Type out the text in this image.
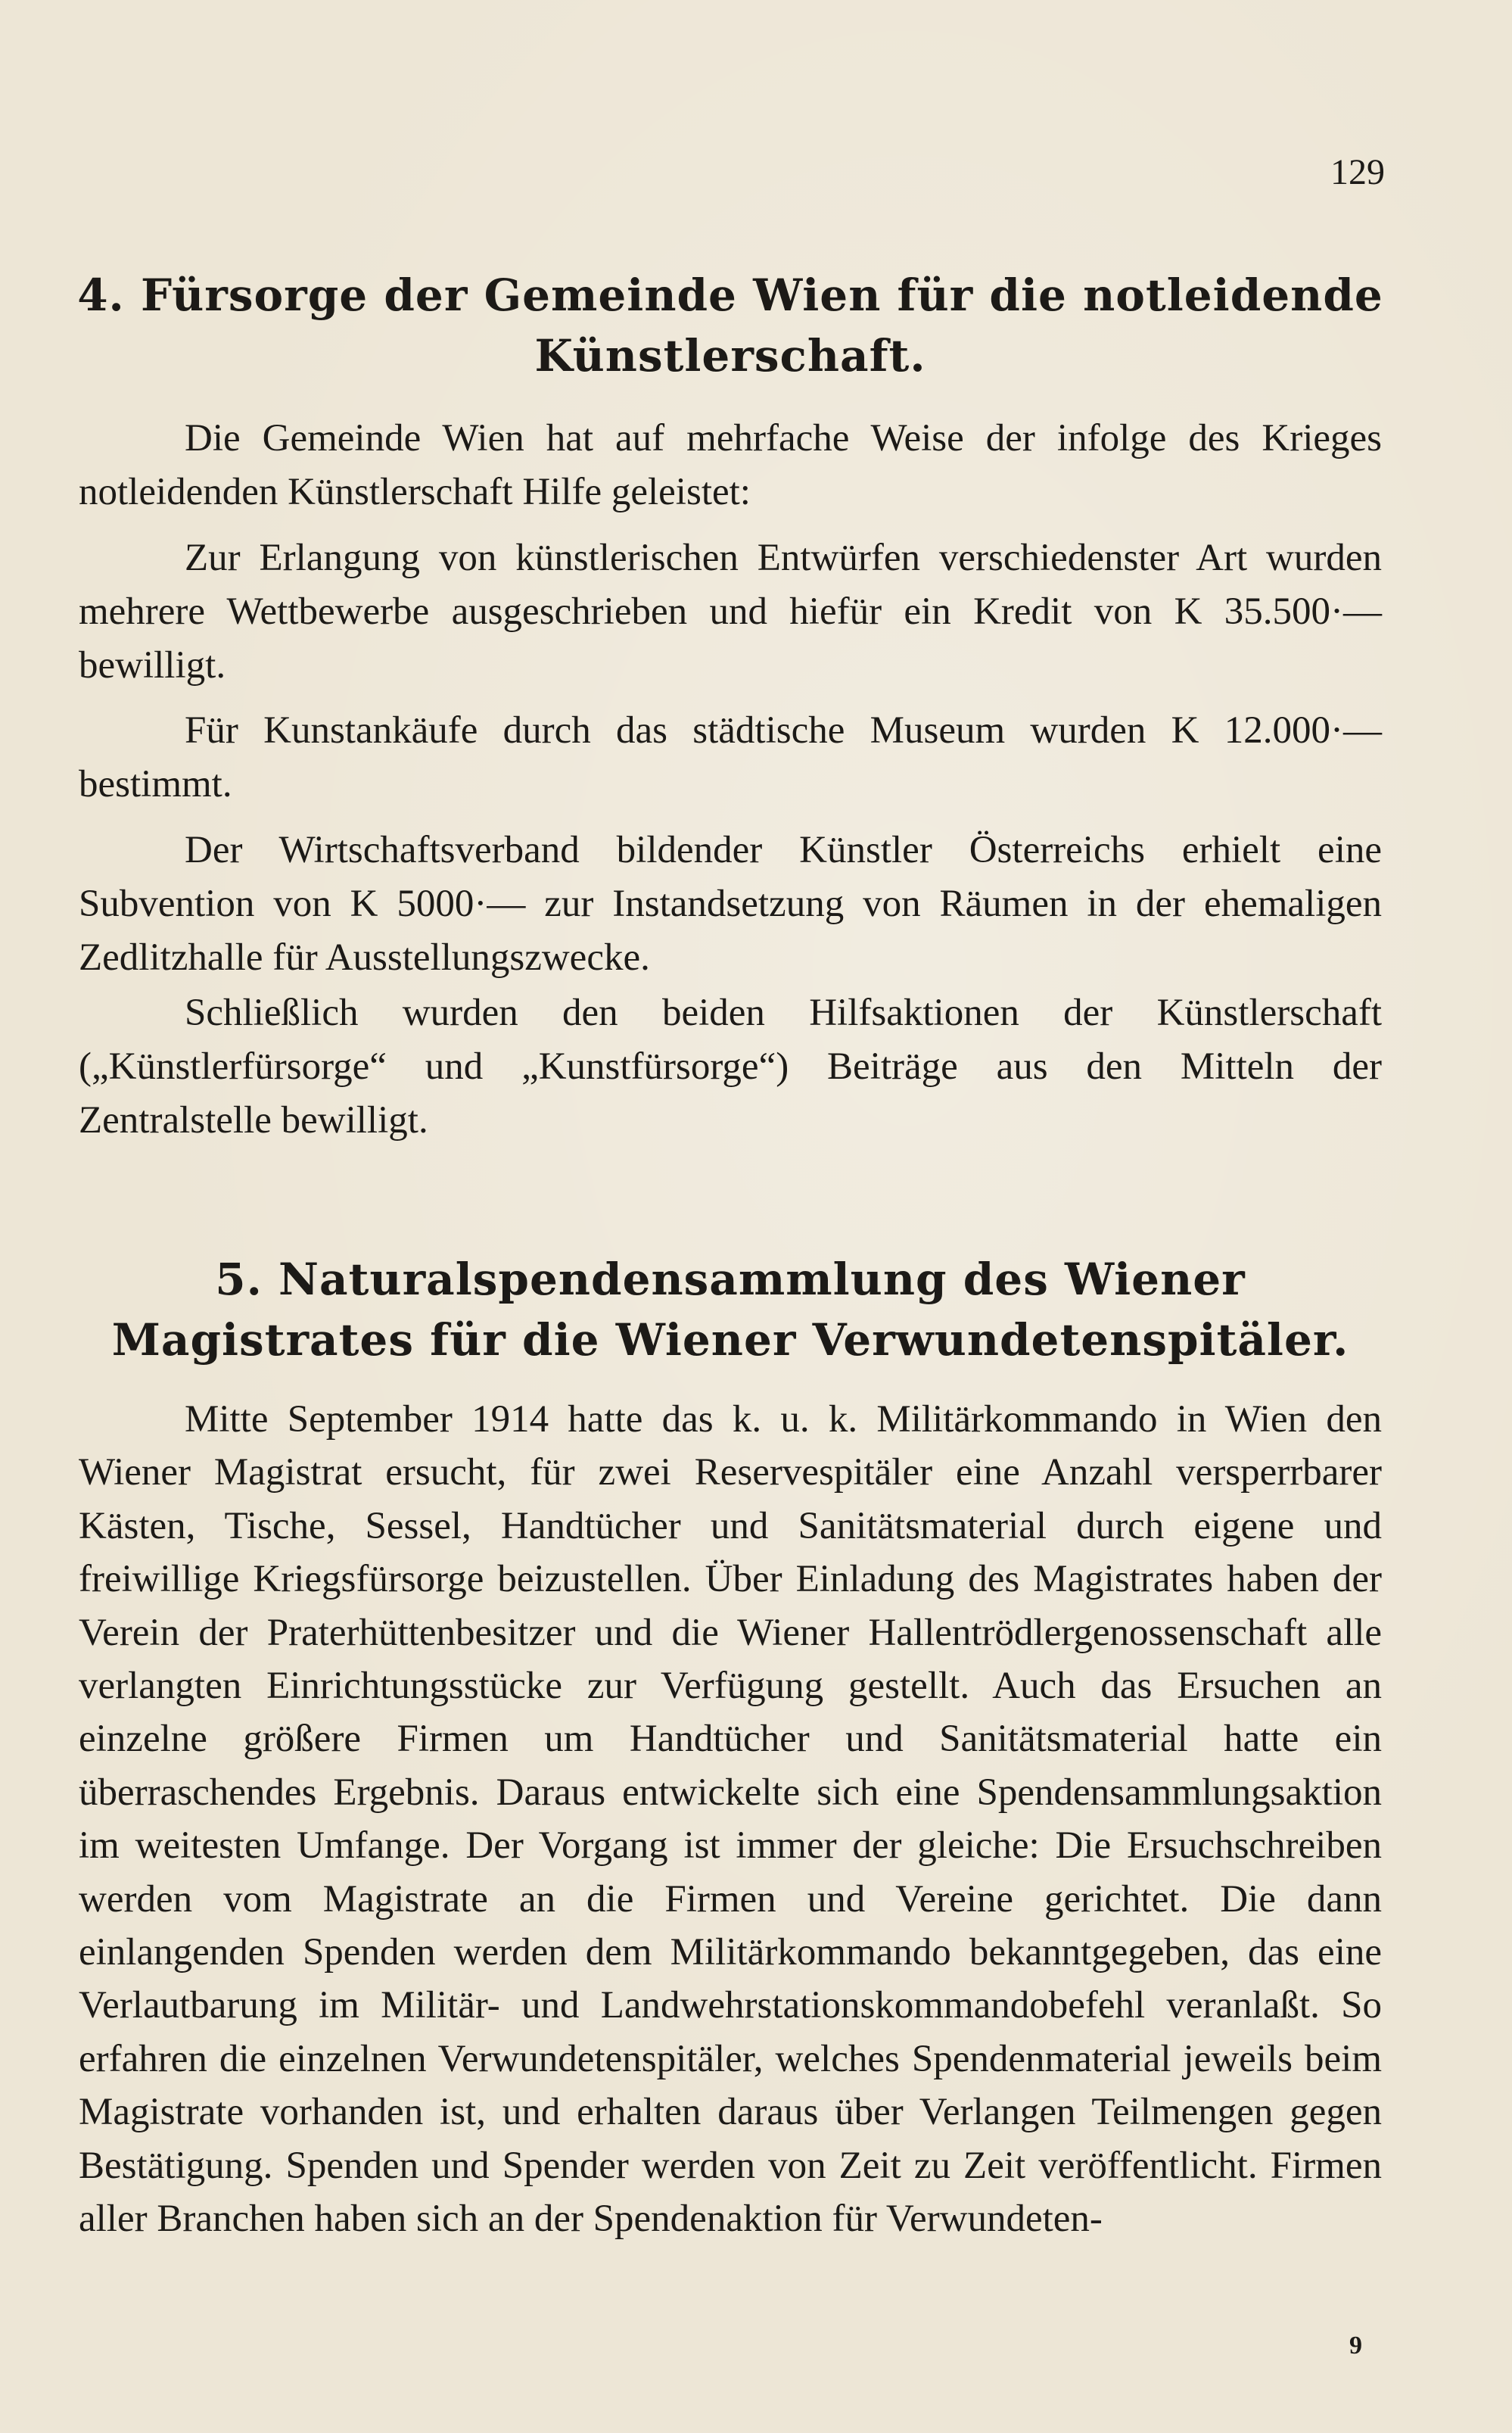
129
4. Fürsorge der Gemeinde Wien für die notleidende Künstlerschaft.

Die Gemeinde Wien hat auf mehrfache Weise der infolge des Krieges notleidenden Künstlerschaft Hilfe geleistet:

Zur Erlangung von künstlerischen Entwürfen verschiedenster Art wurden mehrere Wettbewerbe ausgeschrieben und hiefür ein Kredit von K 35.500·— bewilligt.

Für Kunstankäufe durch das städtische Museum wurden K 12.000·— bestimmt.

Der Wirtschaftsverband bildender Künstler Österreichs erhielt eine Subvention von K 5000·— zur Instandsetzung von Räumen in der ehemaligen Zedlitzhalle für Ausstellungszwecke.

Schließlich wurden den beiden Hilfsaktionen der Künstlerschaft („Künstlerfürsorge“ und „Kunstfürsorge“) Beiträge aus den Mitteln der Zentralstelle bewilligt.

5. Naturalspendensammlung des Wiener Magistrates für die Wiener Verwundetenspitäler.

Mitte September 1914 hatte das k. u. k. Militärkommando in Wien den Wiener Magistrat ersucht, für zwei Reservespitäler eine Anzahl versperrbarer Kästen, Tische, Sessel, Handtücher und Sanitätsmaterial durch eigene und freiwillige Kriegsfürsorge beizustellen. Über Einladung des Magistrates haben der Verein der Praterhüttenbesitzer und die Wiener Hallentrödlergenossenschaft alle verlangten Einrichtungsstücke zur Verfügung gestellt. Auch das Ersuchen an einzelne größere Firmen um Handtücher und Sanitätsmaterial hatte ein überraschendes Ergebnis. Daraus entwickelte sich eine Spendensammlungsaktion im weitesten Umfange. Der Vorgang ist immer der gleiche: Die Ersuchschreiben werden vom Magistrate an die Firmen und Vereine gerichtet. Die dann einlangenden Spenden werden dem Militärkommando bekanntgegeben, das eine Verlautbarung im Militär- und Landwehrstationskommandobefehl veranlaßt. So erfahren die einzelnen Verwundetenspitäler, welches Spendenmaterial jeweils beim Magistrate vorhanden ist, und erhalten daraus über Verlangen Teilmengen gegen Bestätigung. Spenden und Spender werden von Zeit zu Zeit veröffentlicht. Firmen aller Branchen haben sich an der Spendenaktion für Verwundeten-

9
